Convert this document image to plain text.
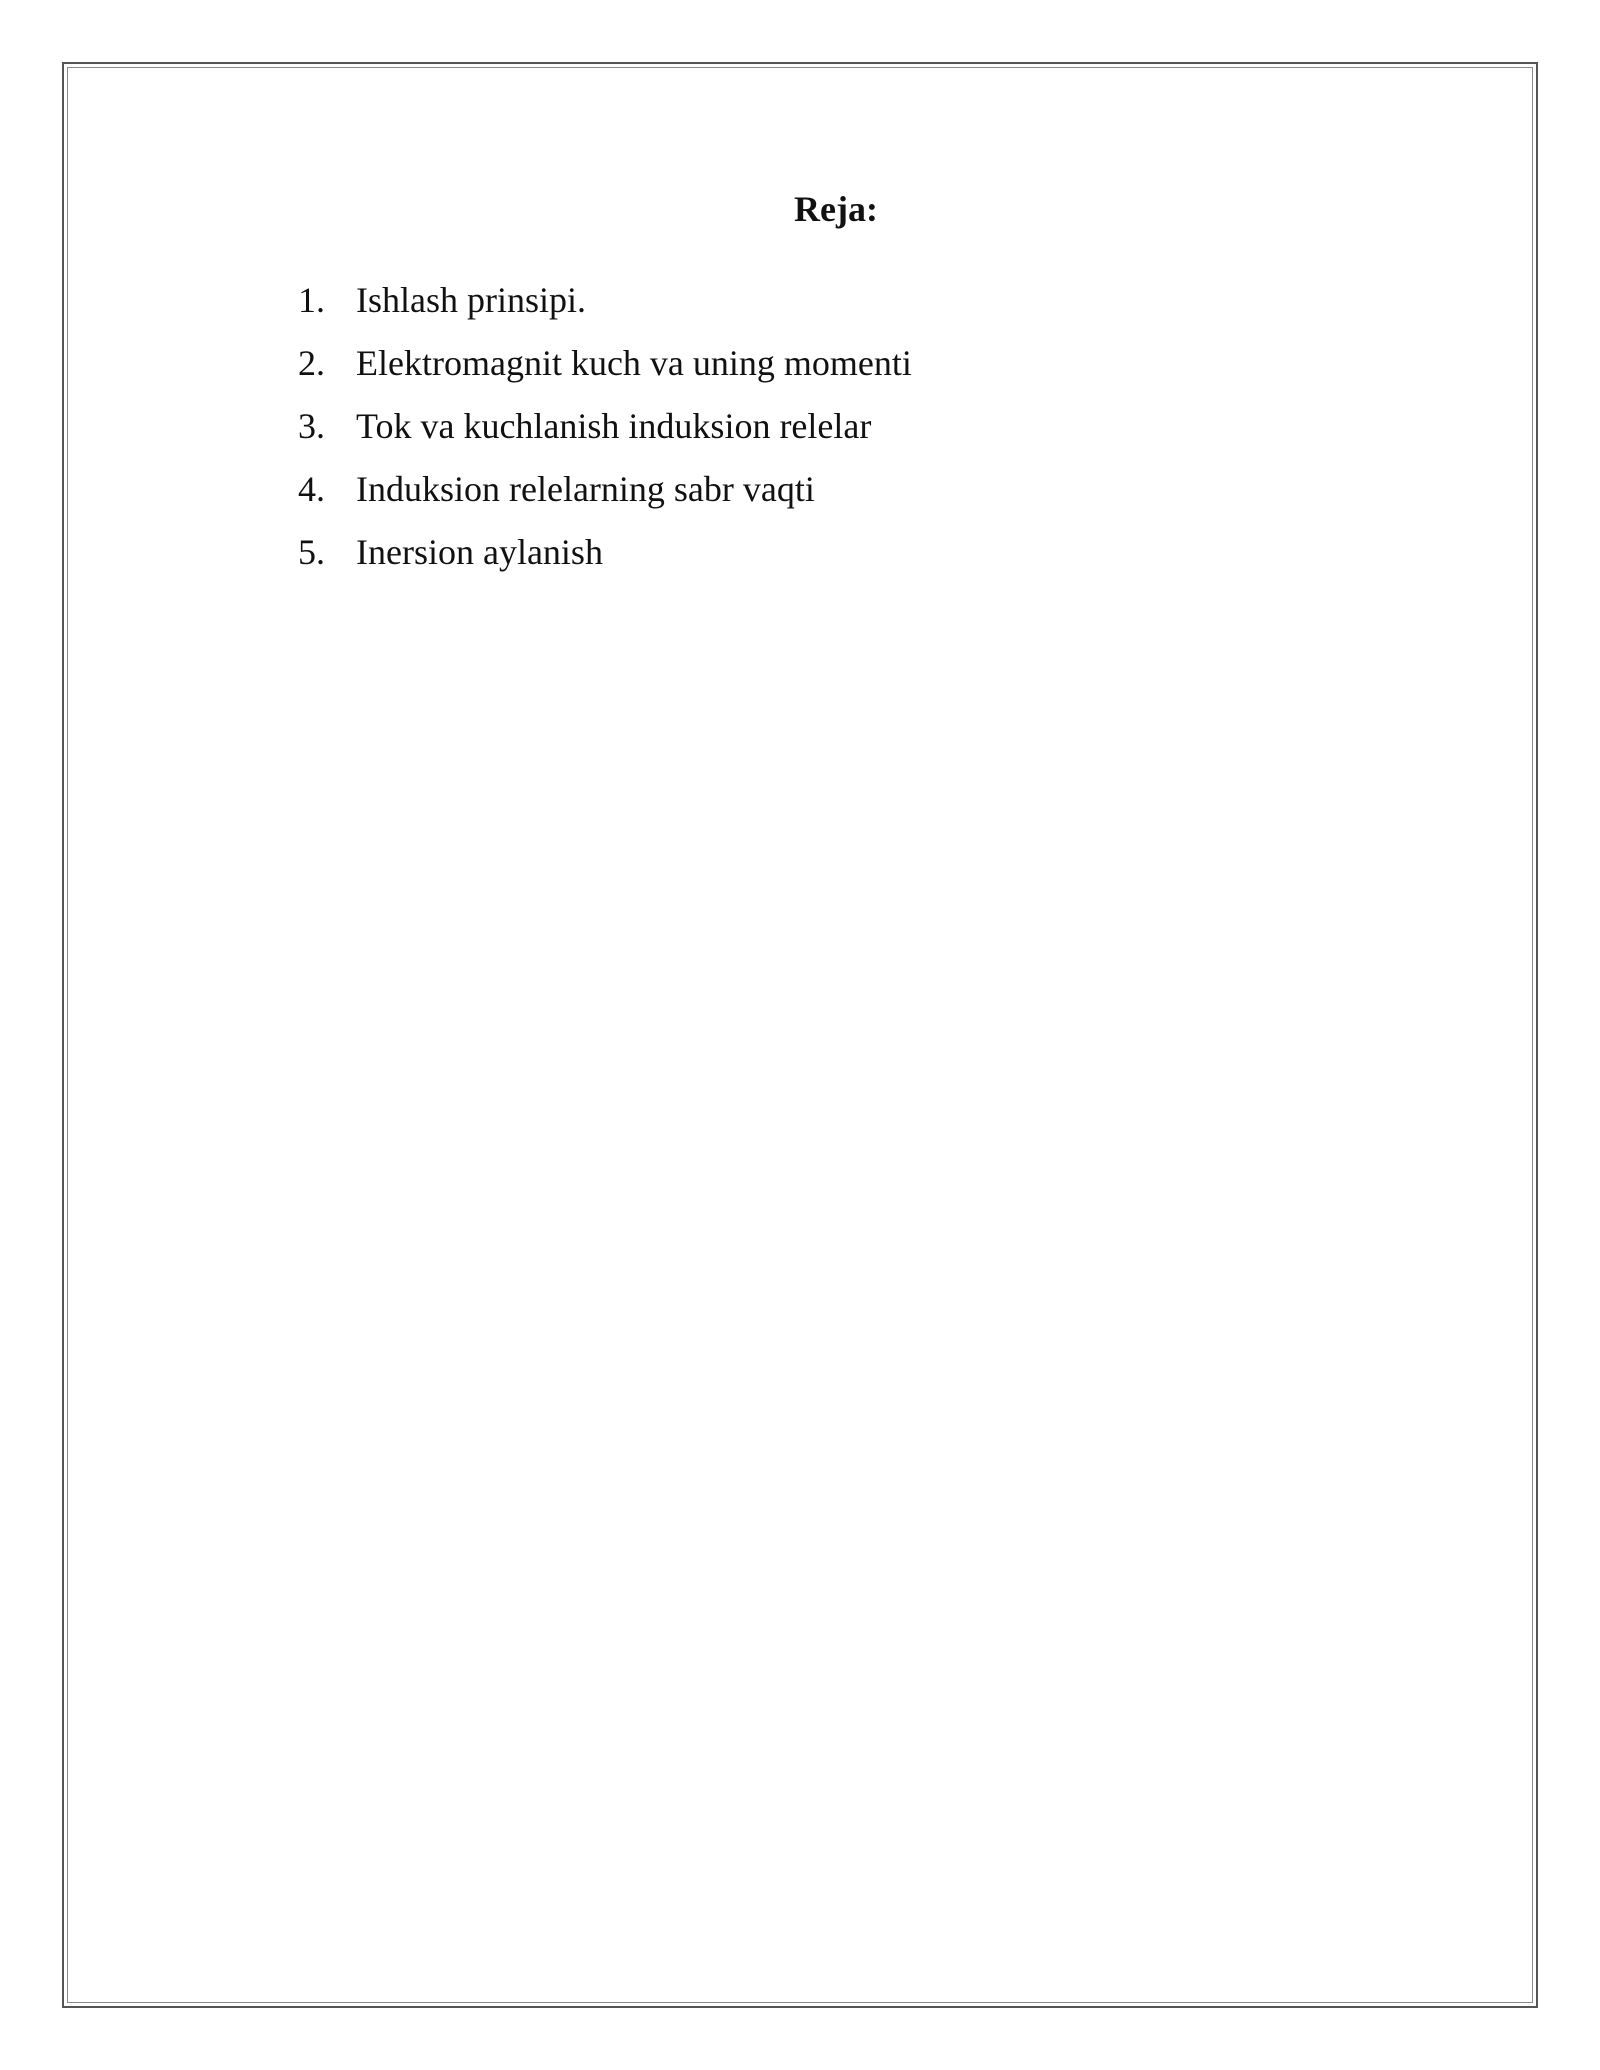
Reja:
1. Ishlash prinsipi.
2. Elektromagnit kuch va uning momenti
3. Tok va kuchlanish induksion relelar
4. Induksion relelarning sabr vaqti
5. Inersion aylanish
